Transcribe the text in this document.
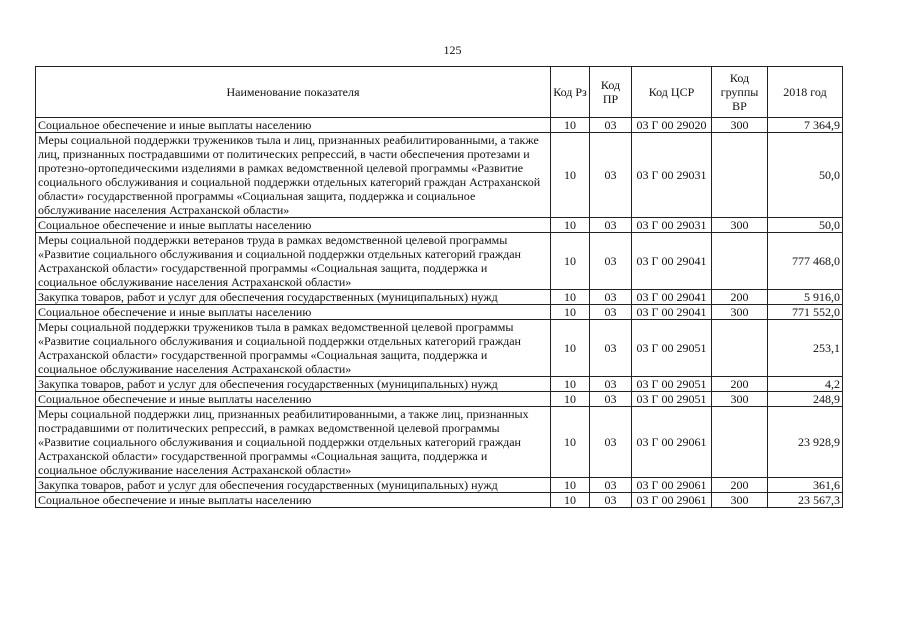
125
Наименование показателя	Код Рз	Код ПР	Код ЦСР	Код группы ВР	2018 год
Социальное обеспечение и иные выплаты населению	10	03	03 Г 00 29020	300	7 364,9
Меры социальной поддержки тружеников тыла и лиц, признанных реабилитированными, а также лиц, признанных пострадавшими от политических репрессий, в части обеспечения протезами и протезно-ортопедическими изделиями в рамках ведомственной целевой программы «Развитие социального обслуживания и социальной поддержки отдельных категорий граждан Астраханской области» государственной программы «Социальная защита, поддержка и социальное обслуживание населения Астраханской области»	10	03	03 Г 00 29031		50,0
Социальное обеспечение и иные выплаты населению	10	03	03 Г 00 29031	300	50,0
Меры социальной поддержки ветеранов труда в рамках ведомственной целевой программы «Развитие социального обслуживания и социальной поддержки отдельных категорий граждан Астраханской области» государственной программы «Социальная защита, поддержка и социальное обслуживание населения Астраханской области»	10	03	03 Г 00 29041		777 468,0
Закупка товаров, работ и услуг для обеспечения государственных (муниципальных) нужд	10	03	03 Г 00 29041	200	5 916,0
Социальное обеспечение и иные выплаты населению	10	03	03 Г 00 29041	300	771 552,0
Меры социальной поддержки тружеников тыла в рамках ведомственной целевой программы «Развитие социального обслуживания и социальной поддержки отдельных категорий граждан Астраханской области» государственной программы «Социальная защита, поддержка и социальное обслуживание населения Астраханской области»	10	03	03 Г 00 29051		253,1
Закупка товаров, работ и услуг для обеспечения государственных (муниципальных) нужд	10	03	03 Г 00 29051	200	4,2
Социальное обеспечение и иные выплаты населению	10	03	03 Г 00 29051	300	248,9
Меры социальной поддержки лиц, признанных реабилитированными, а также лиц, признанных пострадавшими от политических репрессий, в рамках ведомственной целевой программы «Развитие социального обслуживания и социальной поддержки отдельных категорий граждан Астраханской области» государственной программы «Социальная защита, поддержка и социальное обслуживание населения Астраханской области»	10	03	03 Г 00 29061		23 928,9
Закупка товаров, работ и услуг для обеспечения государственных (муниципальных) нужд	10	03	03 Г 00 29061	200	361,6
Социальное обеспечение и иные выплаты населению	10	03	03 Г 00 29061	300	23 567,3
